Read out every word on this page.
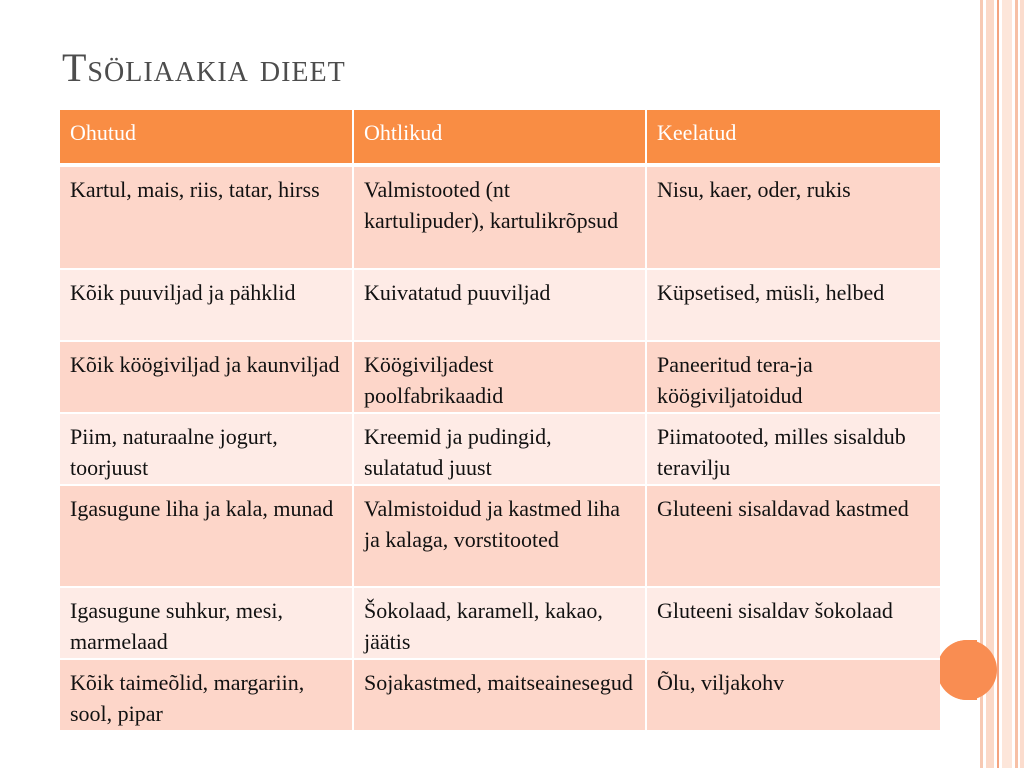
Tsöliaakia dieet
Ohutud	Ohtlikud	Keelatud
Kartul, mais, riis, tatar, hirss	Valmistooted (nt kartulipuder), kartulikrõpsud	Nisu, kaer, oder, rukis
Kõik puuviljad ja pähklid	Kuivatatud puuviljad	Küpsetised, müsli, helbed
Kõik köögiviljad ja kaunviljad	Köögiviljadest poolfabrikaadid	Paneeritud tera-ja köögiviljatoidud
Piim, naturaalne jogurt, toorjuust	Kreemid ja pudingid, sulatatud juust	Piimatooted, milles sisaldub teravilju
Igasugune liha ja kala, munad	Valmistoidud ja kastmed liha ja kalaga, vorstitooted	Gluteeni sisaldavad kastmed
Igasugune suhkur, mesi, marmelaad	Šokolaad, karamell, kakao, jäätis	Gluteeni sisaldav šokolaad
Kõik taimeõlid, margariin, sool, pipar	Sojakastmed, maitseainesegud	Õlu, viljakohv
